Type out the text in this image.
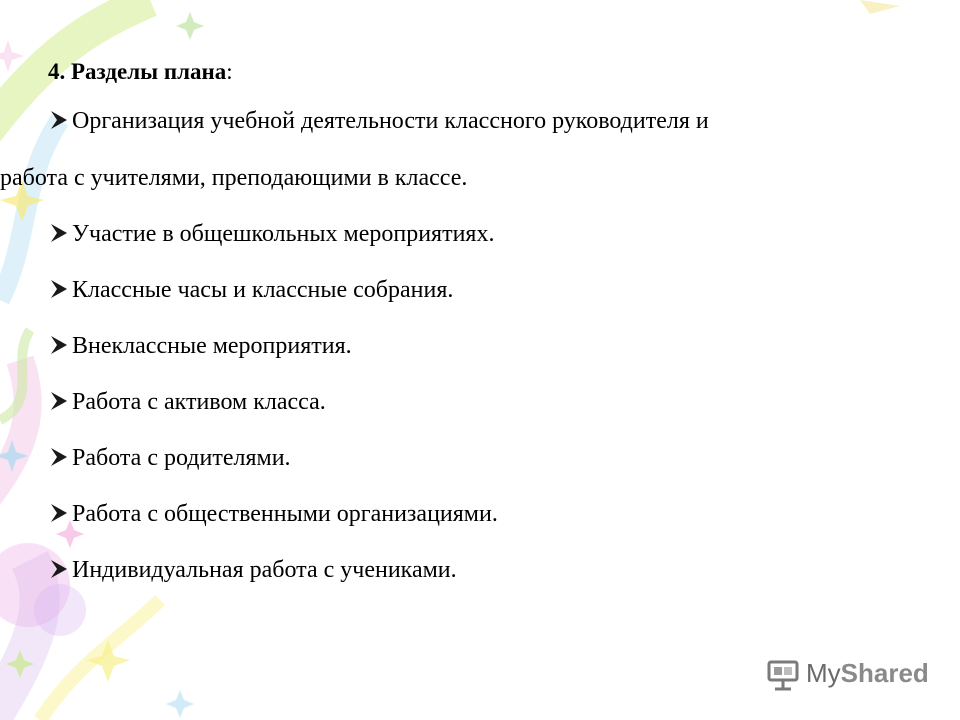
4. Разделы плана:
Организация учебной деятельности классного руководителя и
работа с учителями, преподающими в классе.
Участие в общешкольных мероприятиях.
Классные часы и классные собрания.
Внеклассные мероприятия.
Работа с активом класса.
Работа с родителями.
Работа с общественными организациями.
Индивидуальная работа с учениками.
MyShared
